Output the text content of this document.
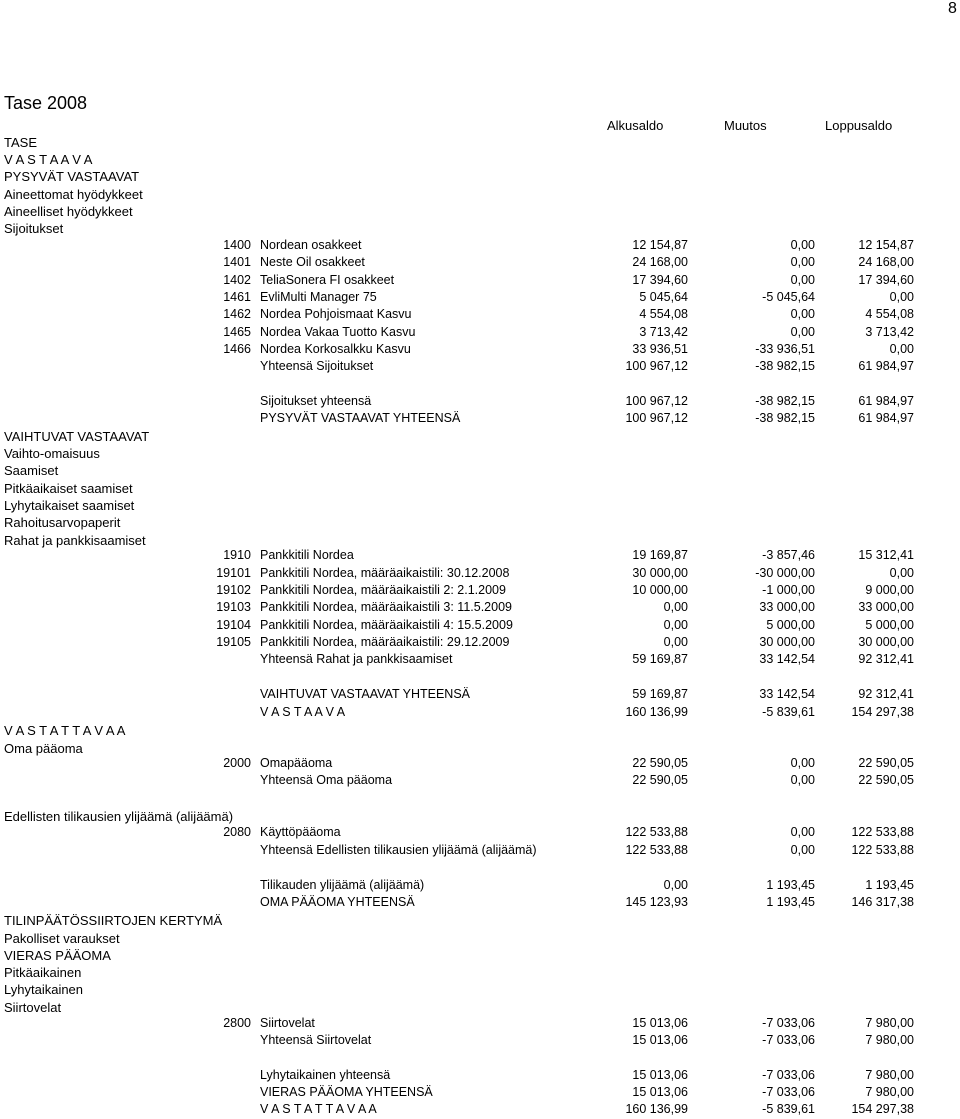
8
Tase 2008
Alkusaldo	Muutos	Loppusaldo
TASE
V A S T A A V A
PYSYVÄT VASTAAVAT
Aineettomat hyödykkeet
Aineelliset hyödykkeet
Sijoitukset
VAIHTUVAT VASTAAVAT
Vaihto-omaisuus
Saamiset
Pitkäaikaiset saamiset
Lyhytaikaiset saamiset
Rahoitusarvopaperit
Rahat ja pankkisaamiset
V A S T A T T A V A A
Oma pääoma
Edellisten tilikausien ylijäämä (alijäämä)
TILINPÄÄTÖSSIIRTOJEN KERTYMÄ
Pakolliset varaukset
VIERAS PÄÄOMA
Pitkäaikainen
Lyhytaikainen
Siirtovelat
1400 Nordean osakkeet	12 154,87	0,00	12 154,87
1401 Neste Oil osakkeet	24 168,00	0,00	24 168,00
1402 TeliaSonera FI osakkeet	17 394,60	0,00	17 394,60
1461 EvliMulti Manager 75	5 045,64	-5 045,64	0,00
1462 Nordea Pohjoismaat Kasvu	4 554,08	0,00	4 554,08
1465 Nordea Vakaa Tuotto Kasvu	3 713,42	0,00	3 713,42
1466 Nordea Korkosalkku Kasvu	33 936,51	-33 936,51	0,00
Yhteensä Sijoitukset	100 967,12	-38 982,15	61 984,97
Sijoitukset yhteensä	100 967,12	-38 982,15	61 984,97
PYSYVÄT VASTAAVAT YHTEENSÄ	100 967,12	-38 982,15	61 984,97
1910 Pankkitili Nordea	19 169,87	-3 857,46	15 312,41
19101 Pankkitili Nordea, määräaikaistili: 30.12.2008	30 000,00	-30 000,00	0,00
19102 Pankkitili Nordea, määräaikaistili 2: 2.1.2009	10 000,00	-1 000,00	9 000,00
19103 Pankkitili Nordea, määräaikaistili 3: 11.5.2009	0,00	33 000,00	33 000,00
19104 Pankkitili Nordea, määräaikaistili 4: 15.5.2009	0,00	5 000,00	5 000,00
19105 Pankkitili Nordea, määräaikaistili: 29.12.2009	0,00	30 000,00	30 000,00
Yhteensä Rahat ja pankkisaamiset	59 169,87	33 142,54	92 312,41
VAIHTUVAT VASTAAVAT YHTEENSÄ	59 169,87	33 142,54	92 312,41
V A S T A A V A	160 136,99	-5 839,61	154 297,38
2000 Omapääoma	22 590,05	0,00	22 590,05
Yhteensä Oma pääoma	22 590,05	0,00	22 590,05
2080 Käyttöpääoma	122 533,88	0,00	122 533,88
Yhteensä Edellisten tilikausien ylijäämä (alijäämä)	122 533,88	0,00	122 533,88
Tilikauden ylijäämä (alijäämä)	0,00	1 193,45	1 193,45
OMA PÄÄOMA YHTEENSÄ	145 123,93	1 193,45	146 317,38
2800 Siirtovelat	15 013,06	-7 033,06	7 980,00
Yhteensä Siirtovelat	15 013,06	-7 033,06	7 980,00
Lyhytaikainen yhteensä	15 013,06	-7 033,06	7 980,00
VIERAS PÄÄOMA YHTEENSÄ	15 013,06	-7 033,06	7 980,00
V A S T A T T A V A A	160 136,99	-5 839,61	154 297,38
